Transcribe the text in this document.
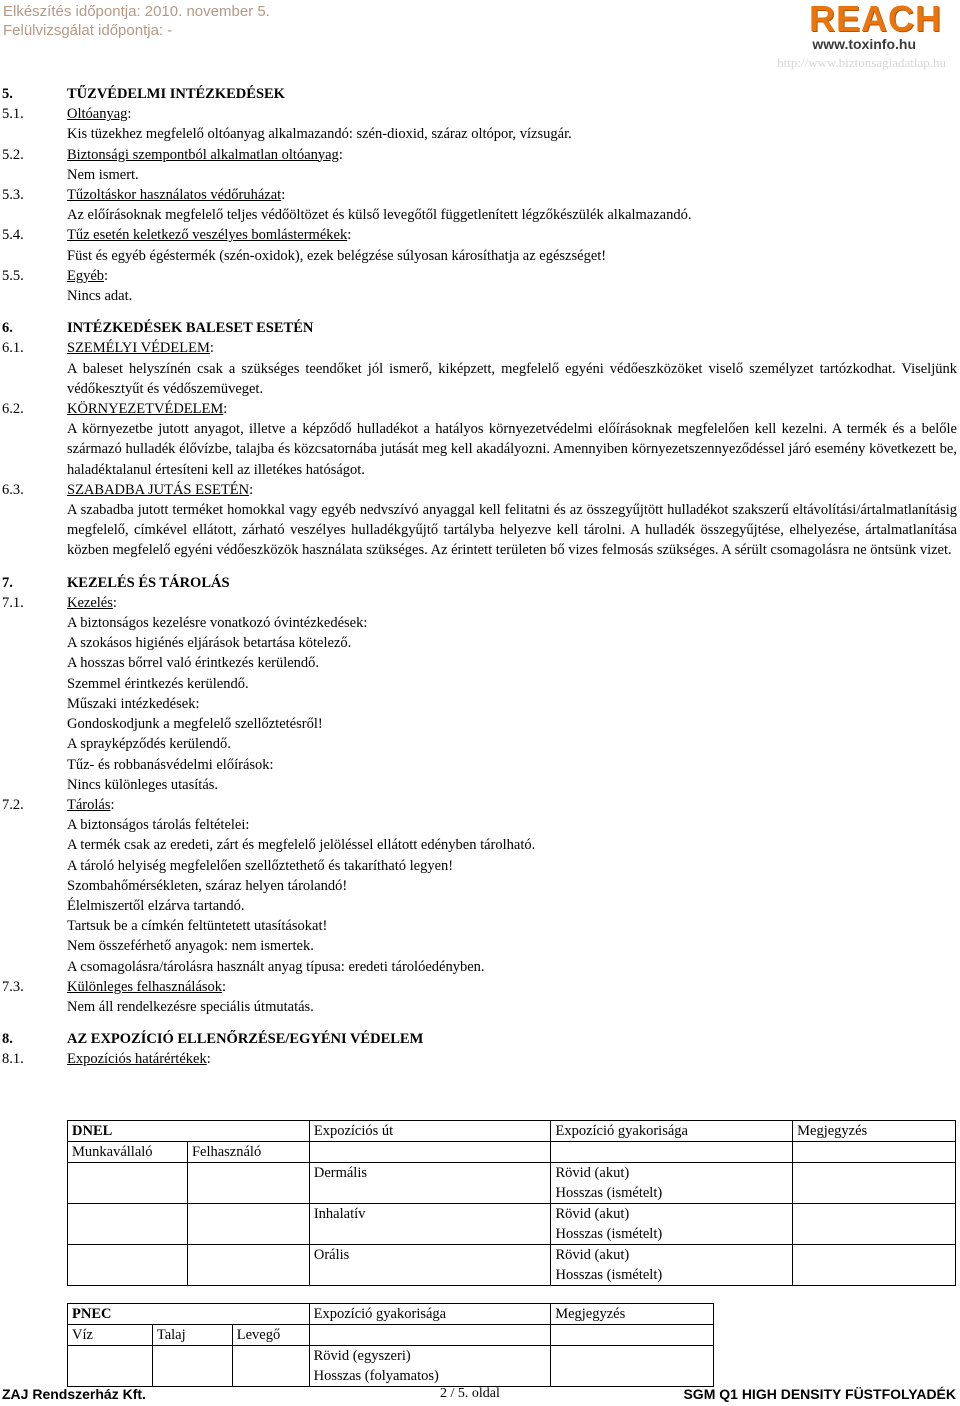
Elkészítés időpontja: 2010. november 5.
Felülvizsgálat időpontja: -	REACH
www.toxinfo.hu
http://www.biztonsagiadatlap.hu
5.	TŰZVÉDELMI INTÉZKEDÉSEK
5.1.	Oltóanyag:
Kis tüzekhez megfelelő oltóanyag alkalmazandó: szén-dioxid, száraz oltópor, vízsugár.
5.2.	Biztonsági szempontból alkalmatlan oltóanyag:
Nem ismert.
5.3.	Tűzoltáskor használatos védőruházat:
Az előírásoknak megfelelő teljes védőöltözet és külső levegőtől függetlenített légzőkészülék alkalmazandó.
5.4.	Tűz esetén keletkező veszélyes bomlástermékek:
Füst és egyéb égéstermék (szén-oxidok), ezek belégzése súlyosan károsíthatja az egészséget!
5.5.	Egyéb:
Nincs adat.
6.	INTÉZKEDÉSEK BALESET ESETÉN
6.1.	SZEMÉLYI VÉDELEM:
A baleset helyszínén csak a szükséges teendőket jól ismerő, kiképzett, megfelelő egyéni védőeszközöket viselő személyzet tartózkodhat. Viseljünk védőkesztyűt és védőszemüveget.
6.2.	KÖRNYEZETVÉDELEM:
A környezetbe jutott anyagot, illetve a képződő hulladékot a hatályos környezetvédelmi előírásoknak megfelelően kell kezelni. A termék és a belőle származó hulladék élővízbe, talajba és közcsatornába jutását meg kell akadályozni. Amennyiben környezetszennyeződéssel járó esemény következett be, haladéktalanul értesíteni kell az illetékes hatóságot.
6.3.	SZABADBA JUTÁS ESETÉN:
A szabadba jutott terméket homokkal vagy egyéb nedvszívó anyaggal kell felitatni és az összegyűjtött hulladékot szakszerű eltávolítási/ártalmatlanításig megfelelő, címkével ellátott, zárható veszélyes hulladékgyűjtő tartályba helyezve kell tárolni. A hulladék összegyűjtése, elhelyezése, ártalmatlanítása közben megfelelő egyéni védőeszközök használata szükséges. Az érintett területen bő vizes felmosás szükséges. A sérült csomagolásra ne öntsünk vizet.
7.	KEZELÉS ÉS TÁROLÁS
7.1.	Kezelés:
A biztonságos kezelésre vonatkozó óvintézkedések:
A szokásos higiénés eljárások betartása kötelező.
A hosszas bőrrel való érintkezés kerülendő.
Szemmel érintkezés kerülendő.
Műszaki intézkedések:
Gondoskodjunk a megfelelő szellőztetésről!
A sprayképződés kerülendő.
Tűz- és robbanásvédelmi előírások:
Nincs különleges utasítás.
7.2.	Tárolás:
A biztonságos tárolás feltételei:
A termék csak az eredeti, zárt és megfelelő jelöléssel ellátott edényben tárolható.
A tároló helyiség megfelelően szellőztethető és takarítható legyen!
Szombahőmérsékleten, száraz helyen tárolandó!
Élelmiszertől elzárva tartandó.
Tartsuk be a címkén feltüntetett utasításokat!
Nem összeférhető anyagok: nem ismertek.
A csomagolásra/tárolásra használt anyag típusa: eredeti tárolóedényben.
7.3.	Különleges felhasználások:
Nem áll rendelkezésre speciális útmutatás.
8.	AZ EXPOZÍCIÓ ELLENŐRZÉSE/EGYÉNI VÉDELEM
8.1.	Expozíciós határértékek:
DNEL		Expozíciós út	Expozíció gyakorisága	Megjegyzés
Munkavállaló	Felhasználó			
		Dermális	Rövid (akut)
Hosszas (ismételt)	

		Inhalatív	Rövid (akut)
Hosszas (ismételt)	

		Orális	Rövid (akut)
Hosszas (ismételt)	

PNEC			Expozíció gyakorisága	Megjegyzés
Víz	Talaj	Levegő		

			Rövid (egyszeri)
Hosszas (folyamatos)	

ZAJ Rendszerház Kft.	2 / 5. oldal	SGM Q1 HIGH DENSITY FÜSTFOLYADÉK
